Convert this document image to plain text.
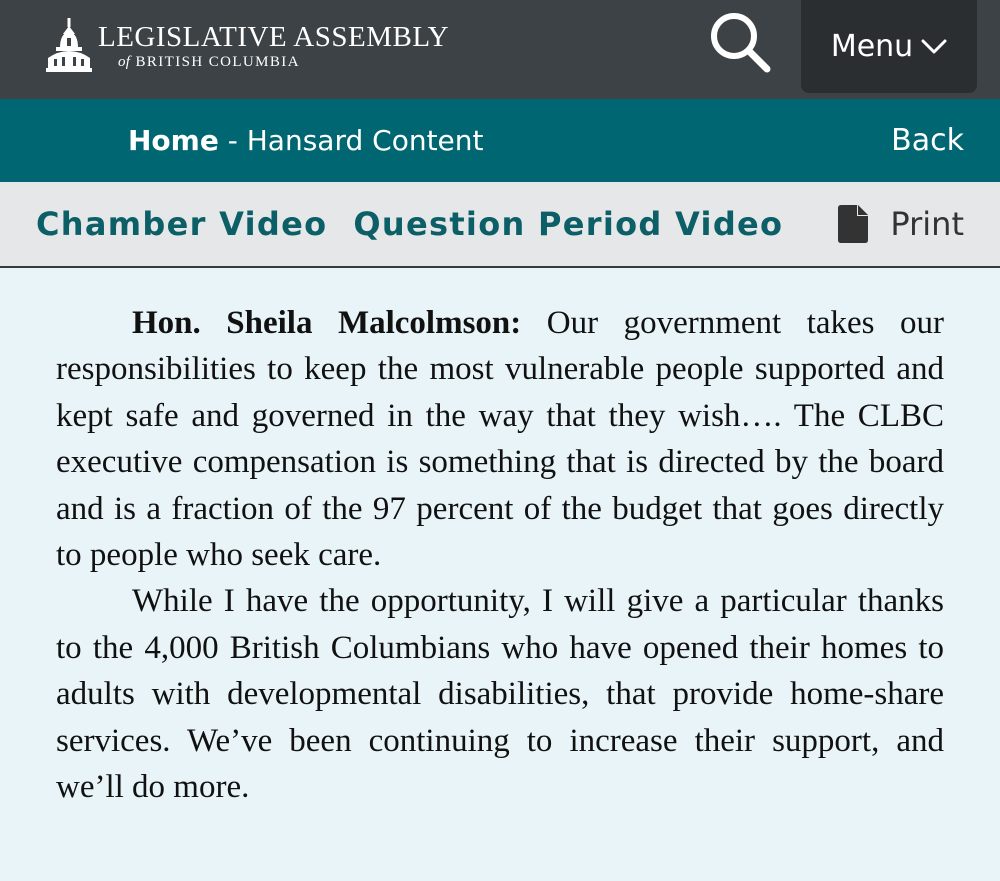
LEGISLATIVE ASSEMBLY
of BRITISH COLUMBIA	Menu
Home - Hansard Content	Back
Chamber Video Question Period Video	Print

Hon. Sheila Malcolmson: Our government takes our responsibilities to keep the most vulnerable people supported and kept safe and governed in the way that they wish…. The CLBC executive compensation is something that is directed by the board and is a fraction of the 97 percent of the budget that goes directly to people who seek care.

While I have the opportunity, I will give a particular thanks to the 4,000 British Columbians who have opened their homes to adults with developmental disabilities, that provide home-share services. We’ve been continuing to increase their support, and we’ll do more.
